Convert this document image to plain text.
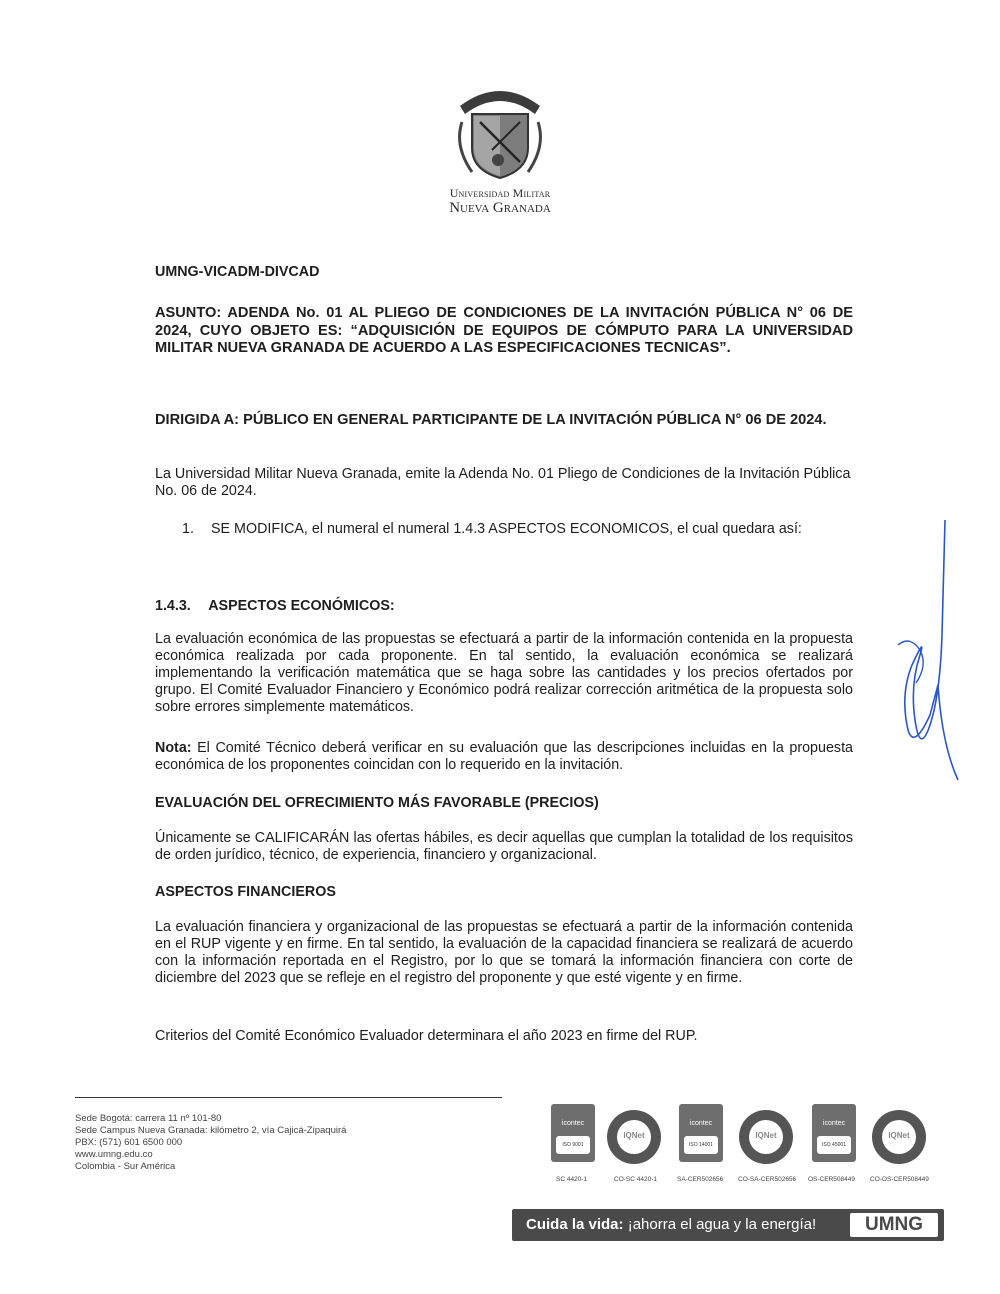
Universidad Militar
Nueva Granada
UMNG-VICADM-DIVCAD
ASUNTO: ADENDA No. 01 AL PLIEGO DE CONDICIONES DE LA INVITACIÓN PÚBLICA N° 06 DE 2024, CUYO OBJETO ES: “ADQUISICIÓN DE EQUIPOS DE CÓMPUTO PARA LA UNIVERSIDAD MILITAR NUEVA GRANADA DE ACUERDO A LAS ESPECIFICACIONES TECNICAS”.
DIRIGIDA A: PÚBLICO EN GENERAL PARTICIPANTE DE LA INVITACIÓN PÚBLICA N° 06 DE 2024.
La Universidad Militar Nueva Granada, emite la Adenda No. 01 Pliego de Condiciones de la Invitación Pública No. 06 de 2024.
1. SE MODIFICA, el numeral el numeral 1.4.3 ASPECTOS ECONOMICOS, el cual quedara así:
1.4.3. ASPECTOS ECONÓMICOS:
La evaluación económica de las propuestas se efectuará a partir de la información contenida en la propuesta económica realizada por cada proponente. En tal sentido, la evaluación económica se realizará implementando la verificación matemática que se haga sobre las cantidades y los precios ofertados por grupo. El Comité Evaluador Financiero y Económico podrá realizar corrección aritmética de la propuesta solo sobre errores simplemente matemáticos.
Nota: El Comité Técnico deberá verificar en su evaluación que las descripciones incluidas en la propuesta económica de los proponentes coincidan con lo requerido en la invitación.
EVALUACIÓN DEL OFRECIMIENTO MÁS FAVORABLE (PRECIOS)
Únicamente se CALIFICARÁN las ofertas hábiles, es decir aquellas que cumplan la totalidad de los requisitos de orden jurídico, técnico, de experiencia, financiero y organizacional.
ASPECTOS FINANCIEROS
La evaluación financiera y organizacional de las propuestas se efectuará a partir de la información contenida en el RUP vigente y en firme. En tal sentido, la evaluación de la capacidad financiera se realizará de acuerdo con la información reportada en el Registro, por lo que se tomará la información financiera con corte de diciembre del 2023 que se refleje en el registro del proponente y que esté vigente y en firme.
Criterios del Comité Económico Evaluador determinara el año 2023 en firme del RUP.
Sede Bogotá: carrera 11 nº 101-80
Sede Campus Nueva Granada: kilómetro 2, vía Cajicá-Zipaquirá
PBX: (571) 601 6500 000
www.umng.edu.co
Colombia - Sur América
icontec
ISO 9001
IQNet
icontec
ISO 14001
IQNet
icontec
ISO 45001
IQNet
SC 4420-1	CO-SC 4420-1	SA-CER502656 CO-SA-CER502656 OS-CER508449 CO-OS-CER508449
Cuida la vida: ¡ahorra el agua y la energía!	UMNG
